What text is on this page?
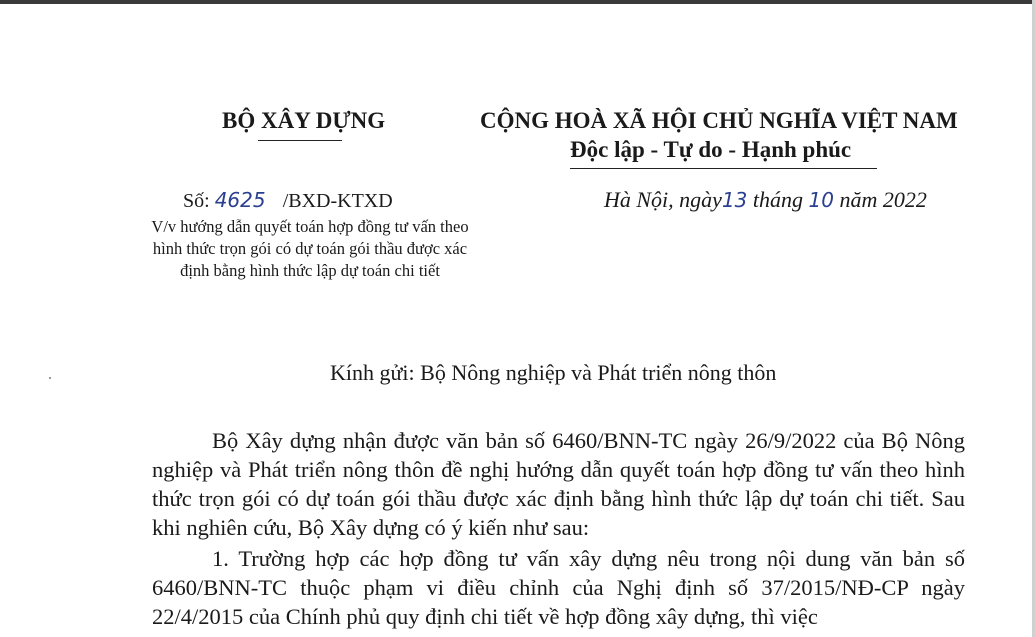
BỘ XÂY DỰNG	CỘNG HOÀ XÃ HỘI CHỦ NGHĨA VIỆT NAM
Độc lập - Tự do - Hạnh phúc
Số: 4625 /BXD-KTXD
V/v hướng dẫn quyết toán hợp đồng tư vấn theo hình thức trọn gói có dự toán gói thầu được xác định bằng hình thức lập dự toán chi tiết
Hà Nội, ngày13 tháng 10 năm 2022
Kính gửi: Bộ Nông nghiệp và Phát triển nông thôn
Bộ Xây dựng nhận được văn bản số 6460/BNN-TC ngày 26/9/2022 của Bộ Nông nghiệp và Phát triển nông thôn đề nghị hướng dẫn quyết toán hợp đồng tư vấn theo hình thức trọn gói có dự toán gói thầu được xác định bằng hình thức lập dự toán chi tiết. Sau khi nghiên cứu, Bộ Xây dựng có ý kiến như sau:
1. Trường hợp các hợp đồng tư vấn xây dựng nêu trong nội dung văn bản số 6460/BNN-TC thuộc phạm vi điều chỉnh của Nghị định số 37/2015/NĐ-CP ngày 22/4/2015 của Chính phủ quy định chi tiết về hợp đồng xây dựng, thì việc
